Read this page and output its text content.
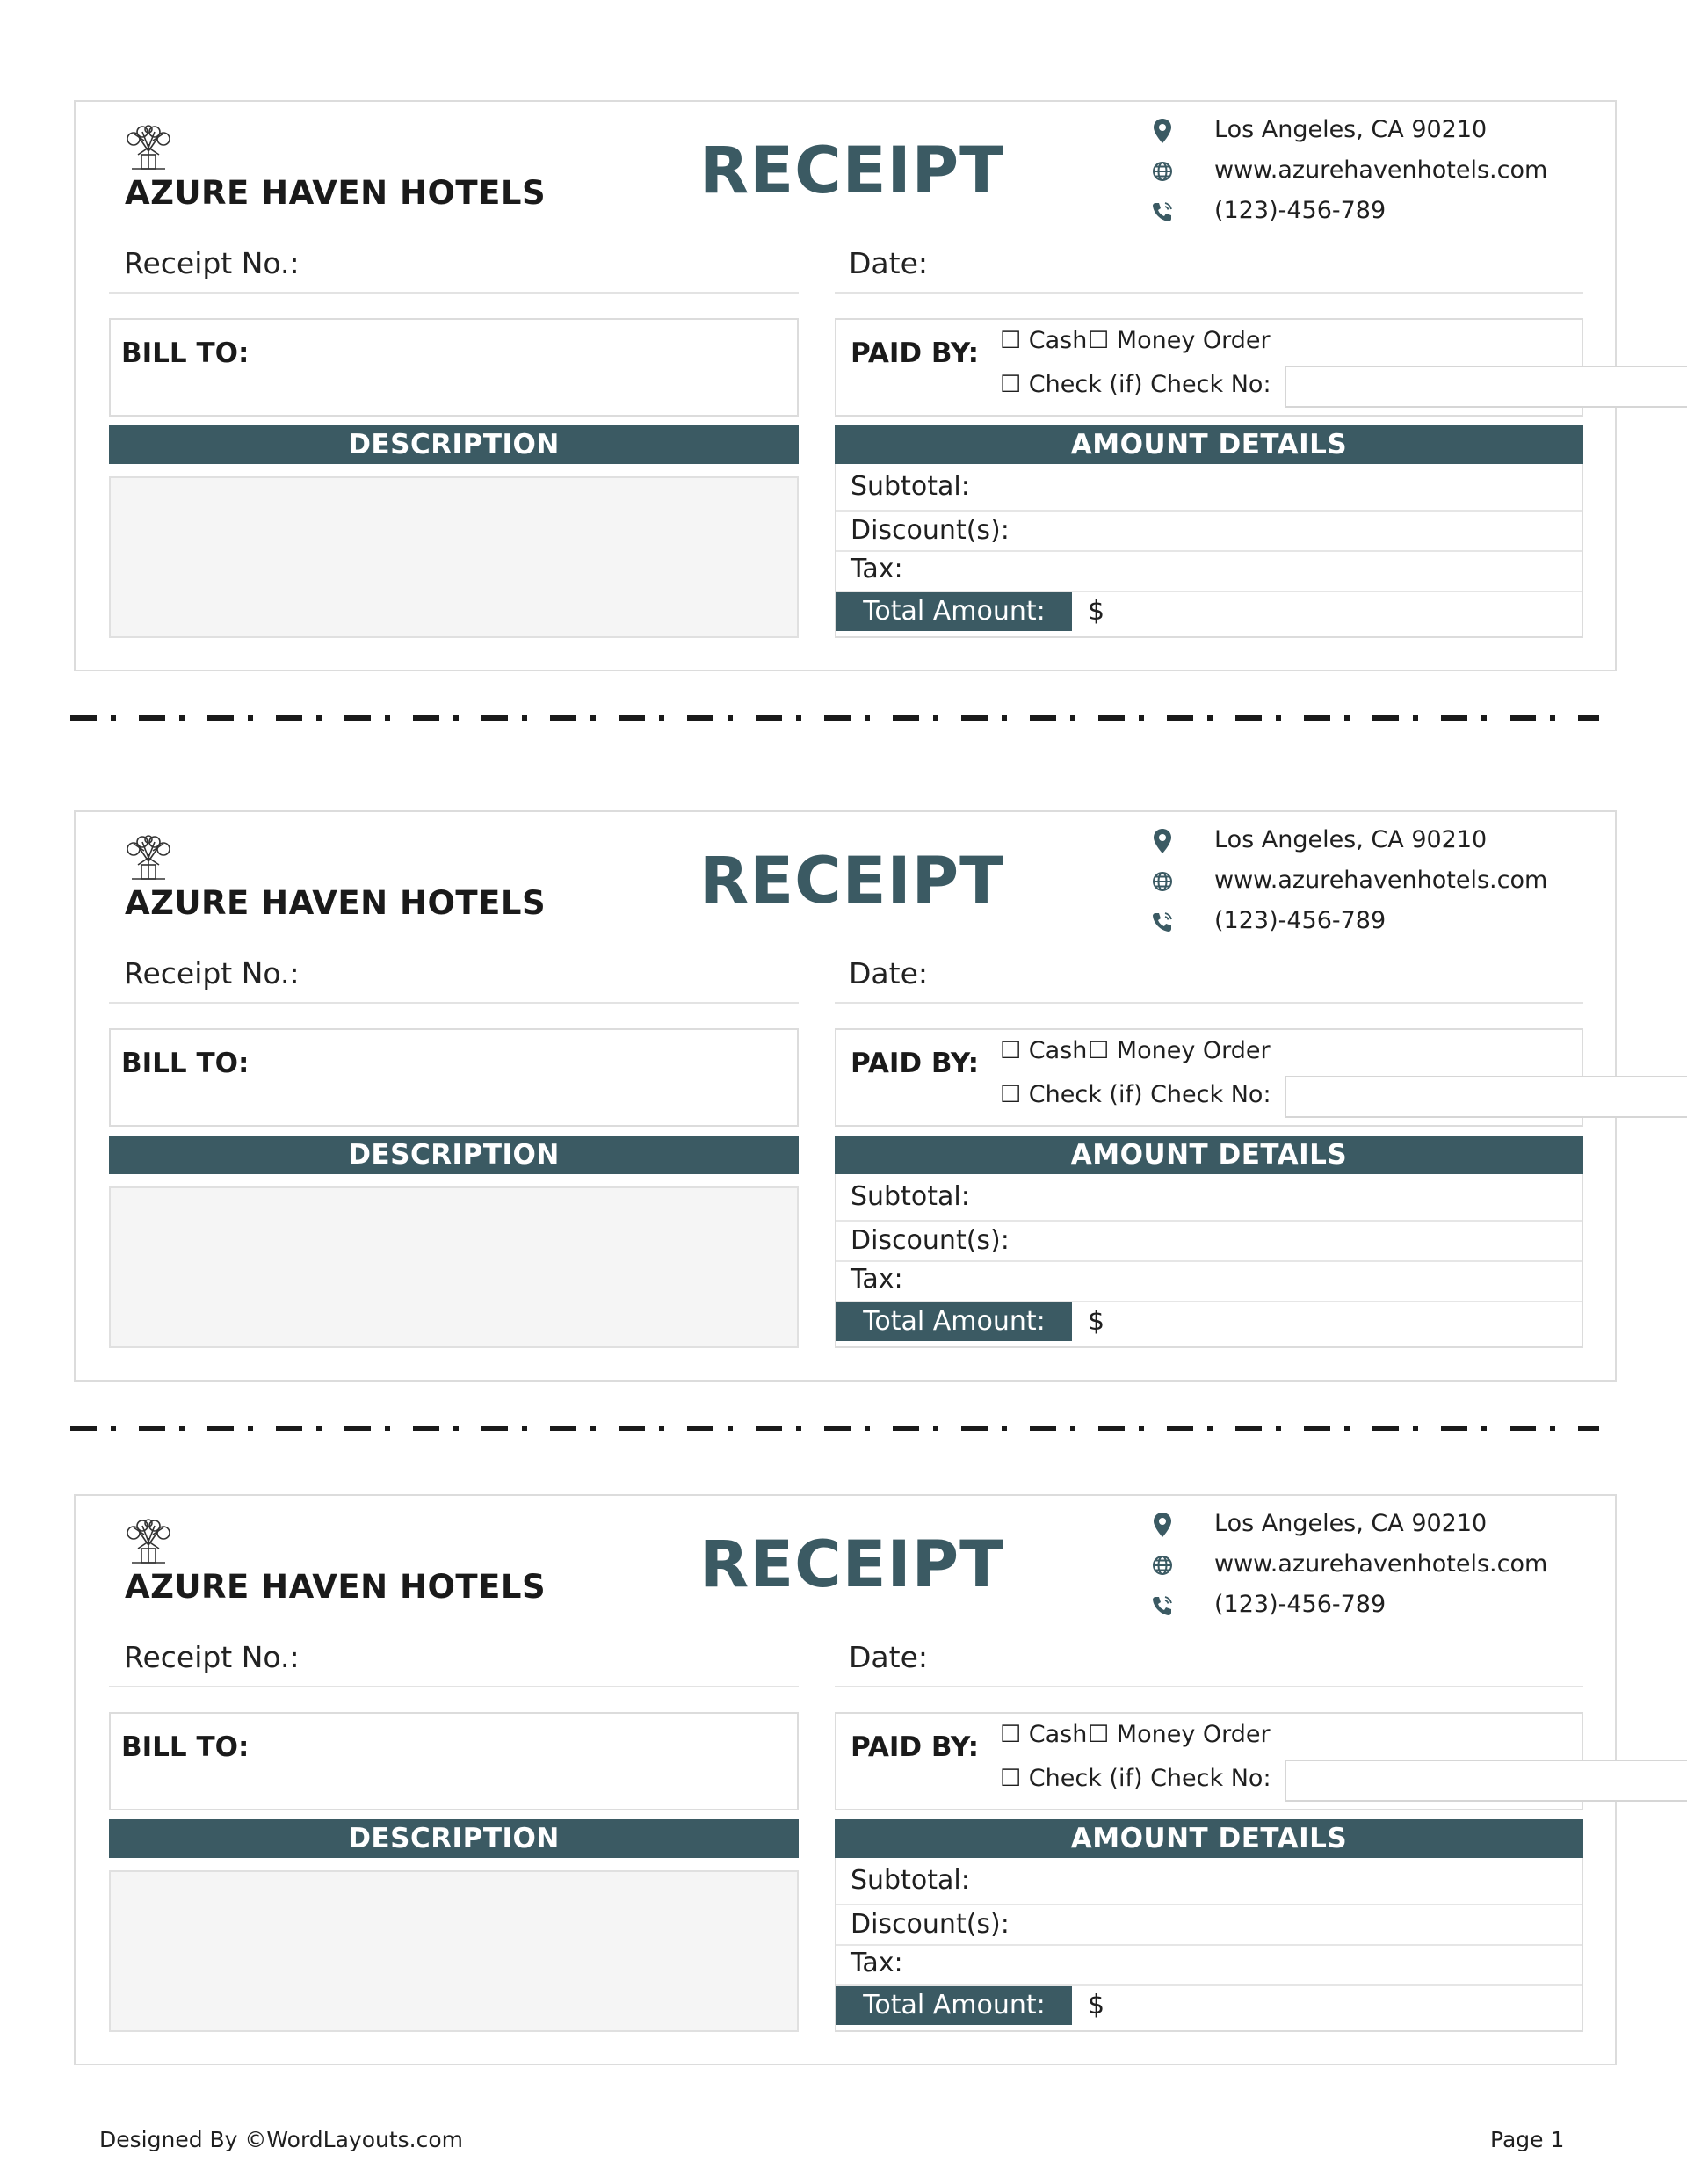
AZURE HAVEN HOTELS RECEIPT
Los Angeles, CA 90210
www.azurehavenhotels.com
(123)-456-789
Receipt No.:	Date:
BILL TO:	PAID BY: ☐ Cash ☐ Money Order
☐ Check (if) Check No:
DESCRIPTION	AMOUNT DETAILS
Subtotal:
Discount(s):
Tax:
Total Amount:	$
AZURE HAVEN HOTELS RECEIPT
Los Angeles, CA 90210
www.azurehavenhotels.com
(123)-456-789
Receipt No.:	Date:
BILL TO:	PAID BY: ☐ Cash ☐ Money Order
☐ Check (if) Check No:
DESCRIPTION	AMOUNT DETAILS
Subtotal:
Discount(s):
Tax:
Total Amount:	$
AZURE HAVEN HOTELS RECEIPT
Los Angeles, CA 90210
www.azurehavenhotels.com
(123)-456-789
Receipt No.:	Date:
BILL TO:	PAID BY: ☐ Cash ☐ Money Order
☐ Check (if) Check No:
DESCRIPTION	AMOUNT DETAILS
Subtotal:
Discount(s):
Tax:
Total Amount:	$
Designed By ©WordLayouts.com	Page 1
